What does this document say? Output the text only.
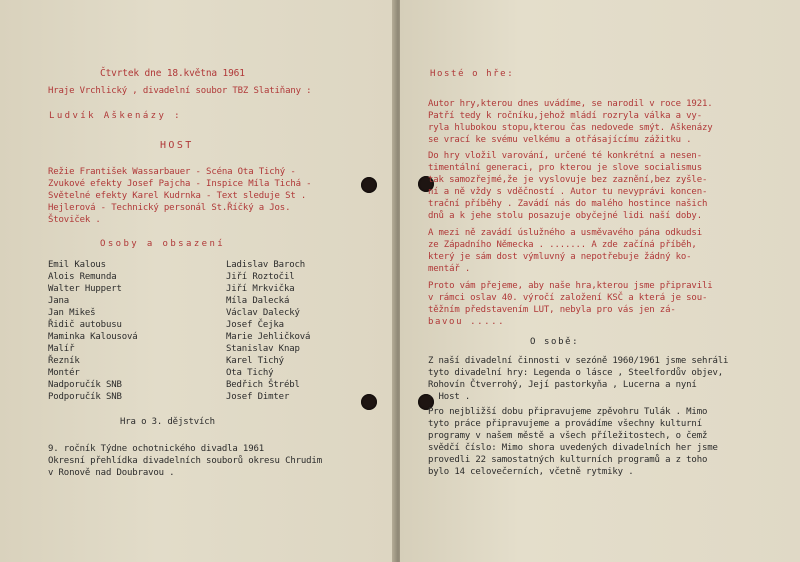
Čtvrtek dne 18.května 1961
Hraje Vrchlický , divadelní soubor TBZ Slatiňany :
Ludvík Aškenázy :
HOST
Režie František Wassarbauer - Scéna Ota Tichý -
Zvukové efekty Josef Pajcha - Inspice Míla Tichá -
Světelné efekty Karel Kudrnka - Text sleduje St .
Hejlerová - Technický personál St.Říčký a Jos.
Štoviček .
Osoby a obsazení
Emil Kalous	Ladislav Baroch
Alois Remunda	Jiří Roztočil
Walter Huppert	Jiří Mrkvička
Jana	Míla Dalecká
Jan Mikeš	Václav Dalecký
Řidič autobusu	Josef Čejka
Maminka Kalousová	Marie Jehličková
Malíř	Stanislav Knap
Řezník	Karel Tichý
Montér	Ota Tichý
Nadporučík SNB	Bedřich Štrébl
Podporučík SNB	Josef Dimter
Hra o 3. dějstvích
9. ročník Týdne ochotnického divadla 1961
Okresní přehlídka divadelních souborů okresu Chrudim
v Ronově nad Doubravou .
Hosté o hře:
Autor hry,kterou dnes uvádíme, se narodil v roce 1921.
Patří tedy k ročníku,jehož mládí rozryla válka a vy-
ryla hlubokou stopu,kterou čas nedovede smýt. Aškenázy
se vrací ke svému velkému a otřásajícímu zážitku .
Do hry vložil varování, určené té konkrétní a nesen-
timentální generaci, pro kterou je slove socialismus
tak samozřejmé,že je vyslovuje bez zaznění,bez zyšle-
ní a ně vždy s vděčností . Autor tu nevyprávi koncen-
trační příběhy . Zavádí nás do malého hostince našich
dnů a k jehe stolu posazuje obyčejné lidi naší doby.
A mezi ně zavádí úslužného a usměvavého pána odkudsi
ze Západního Německa . ....... A zde začíná příběh,
který je sám dost výmluvný a nepotřebuje žádný ko-
mentář .
Proto vám přejeme, aby naše hra,kterou jsme připravili
v rámci oslav 40. výročí založení KSČ a která je sou-
těžním představením LUT, nebyla pro vás jen zá-
bavou .....
O sobě:
Z naší divadelní činnosti v sezóně 1960/1961 jsme sehráli
tyto divadelní hry: Legenda o lásce , Steelfordův objev,
Rohovín Čtverrohý, Její pastorkyňa , Lucerna a nyní
- Host .
Pro nejbližší dobu připravujeme zpěvohru Tulák . Mimo
tyto práce připravujeme a provádíme všechny kulturní
programy v našem městě a všech příležitostech, o čemž
svědčí číslo: Mimo shora uvedených divadelních her jsme
provedli 22 samostatných kulturních programů a z toho
bylo 14 celovečerních, včetně rytmiky .
